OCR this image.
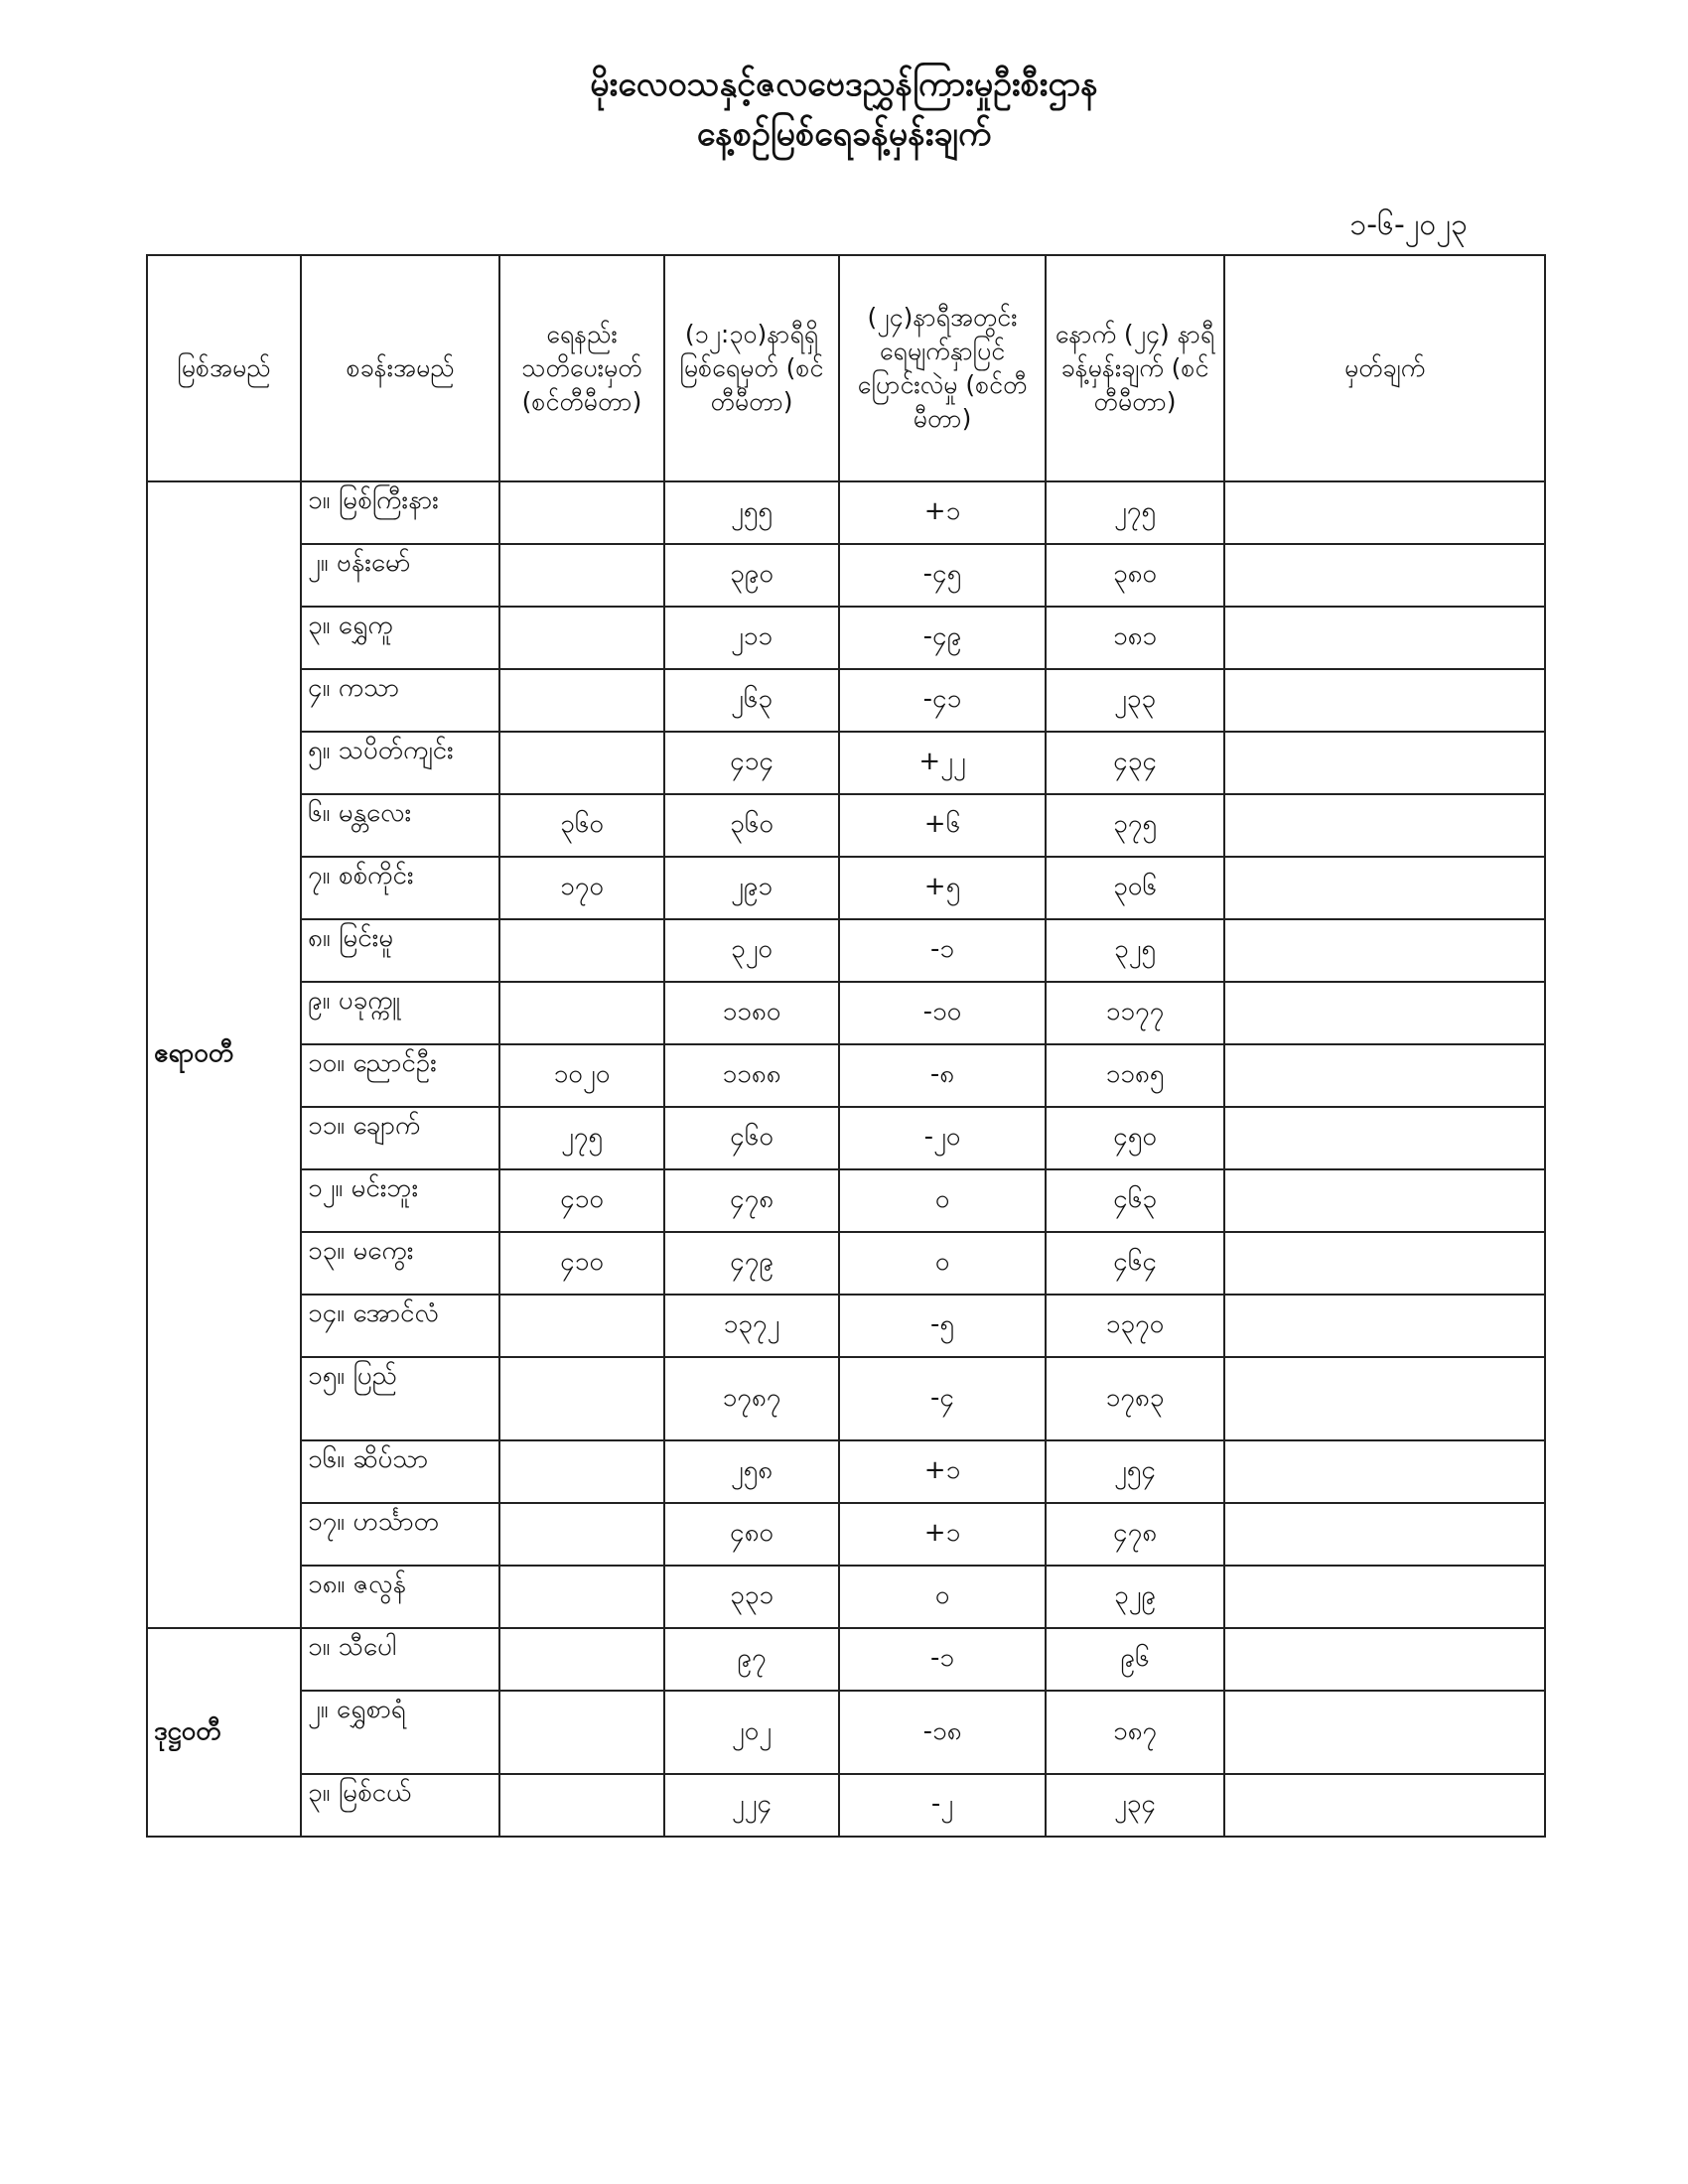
မိုးလေဝသနှင့်ဇလဗေဒညွှန်ကြားမှုဦးစီးဌာန
နေ့စဉ်မြစ်ရေခန့်မှန်းချက်
၁-၆-၂၀၂၃
မြစ်အမည်	စခန်းအမည်	ရေနည်း သတိပေးမှတ် (စင်တီမီတာ)	(၁၂:၃၀)နာရီရှိ မြစ်ရေမှတ် (စင်တီမီတာ)	(၂၄)နာရီအတွင်း ရေမျက်နှာပြင် ပြောင်းလဲမှု (စင်တီမီတာ)	နောက် (၂၄) နာရီ ခန့်မှန်းချက် (စင်တီမီတာ)	မှတ်ချက်
ဧရာဝတီ	၁။ မြစ်ကြီးနား		၂၅၅	+၁	၂၇၅	
	၂။ ဗန်းမော်		၃၉၀	-၄၅	၃၈၀	
	၃။ ရွှေကူ		၂၁၁	-၄၉	၁၈၁	
	၄။ ကသာ		၂၆၃	-၄၁	၂၃၃	
	၅။ သပိတ်ကျင်း		၄၁၄	+၂၂	၄၃၄	
	၆။ မန္တလေး	၃၆၀	၃၆၀	+၆	၃၇၅	
	၇။ စစ်ကိုင်း	၁၇၀	၂၉၁	+၅	၃၀၆	
	၈။ မြင်းမူ		၃၂၀	-၁	၃၂၅	
	၉။ ပခုက္ကူ		၁၁၈၀	-၁၀	၁၁၇၇	
	၁၀။ ညောင်ဦး	၁၀၂၀	၁၁၈၈	-၈	၁၁၈၅	
	၁၁။ ချောက်	၂၇၅	၄၆၀	-၂၀	၄၅၀	
	၁၂။ မင်းဘူး	၄၁၀	၄၇၈	၀	၄၆၃	
	၁၃။ မကွေး	၄၁၀	၄၇၉	၀	၄၆၄	
	၁၄။ အောင်လံ		၁၃၇၂	-၅	၁၃၇၀	
	၁၅။ ပြည်		၁၇၈၇	-၄	၁၇၈၃	
	၁၆။ ဆိပ်သာ		၂၅၈	+၁	၂၅၄	
	၁၇။ ဟင်္သာတ		၄၈၀	+၁	၄၇၈	
	၁၈။ ဇလွန်		၃၃၁	၀	၃၂၉	
ဒုဋ္ဌဝတီ	၁။ သီပေါ		၉၇	-၁	၉၆	
	၂။ ရွှေစာရံ		၂၀၂	-၁၈	၁၈၇	
	၃။ မြစ်ငယ်		၂၂၄	-၂	၂၃၄	
